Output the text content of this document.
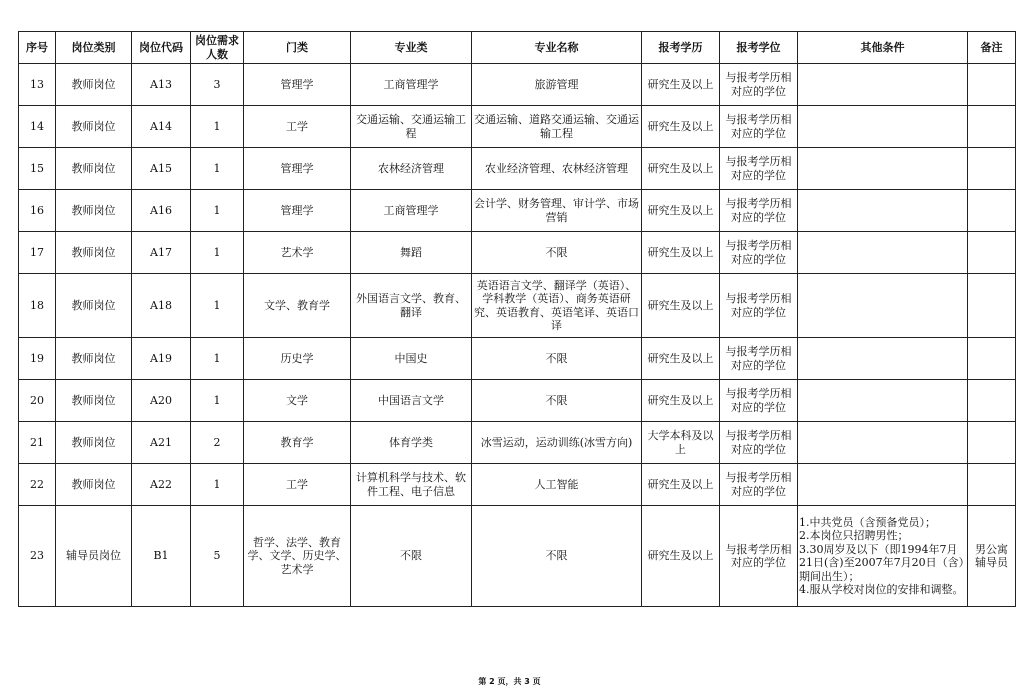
序号	岗位类别	岗位代码	岗位需求人数	门类	专业类	专业名称	报考学历	报考学位	其他条件	备注
13	教师岗位	A13	3	管理学	工商管理学	旅游管理	研究生及以上	与报考学历相对应的学位		
14	教师岗位	A14	1	工学	交通运输、交通运输工程	交通运输、道路交通运输、交通运输工程	研究生及以上	与报考学历相对应的学位		
15	教师岗位	A15	1	管理学	农林经济管理	农业经济管理、农林经济管理	研究生及以上	与报考学历相对应的学位		
16	教师岗位	A16	1	管理学	工商管理学	会计学、财务管理、审计学、市场营销	研究生及以上	与报考学历相对应的学位		
17	教师岗位	A17	1	艺术学	舞蹈	不限	研究生及以上	与报考学历相对应的学位		
18	教师岗位	A18	1	文学、教育学	外国语言文学、教育、翻译	英语语言文学、翻译学（英语）、学科教学（英语）、商务英语研究、英语教育、英语笔译、英语口译	研究生及以上	与报考学历相对应的学位		
19	教师岗位	A19	1	历史学	中国史	不限	研究生及以上	与报考学历相对应的学位		
20	教师岗位	A20	1	文学	中国语言文学	不限	研究生及以上	与报考学历相对应的学位		
21	教师岗位	A21	2	教育学	体育学类	冰雪运动，运动训练(冰雪方向)	大学本科及以上	与报考学历相对应的学位		
22	教师岗位	A22	1	工学	计算机科学与技术、软件工程、电子信息	人工智能	研究生及以上	与报考学历相对应的学位		
23	辅导员岗位	B1	5	哲学、法学、教育学、文学、历史学、艺术学	不限	不限	研究生及以上	与报考学历相对应的学位	1.中共党员（含预备党员）；
2.本岗位只招聘男性；
3.30周岁及以下（即1994年7月21日(含)至2007年7月20日（含）期间出生）；
4.服从学校对岗位的安排和调整。	男公寓辅导员
第 2 页，共 3 页
